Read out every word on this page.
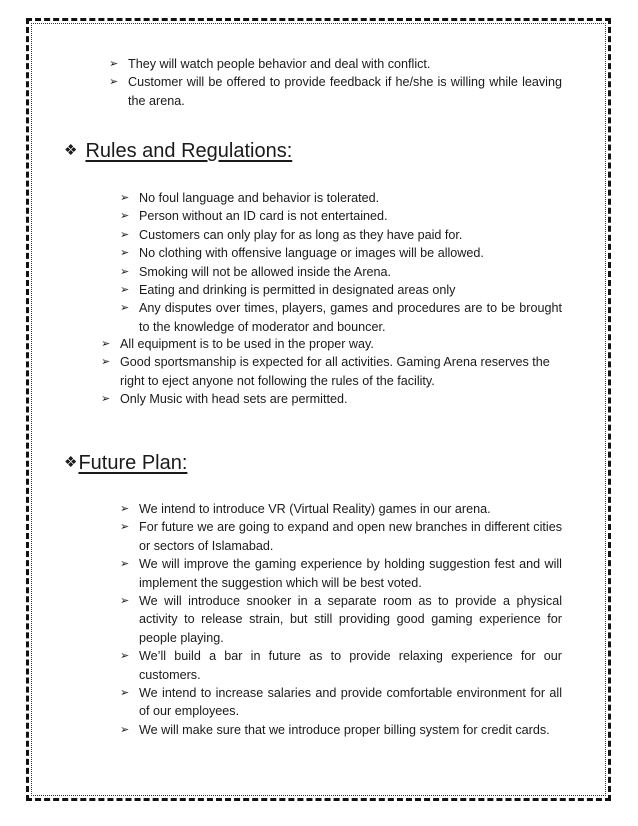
➢ They will watch people behavior and deal with conflict.
➢ Customer will be offered to provide feedback if he/she is willing while leaving the arena.
❖ Rules and Regulations:
➢ No foul language and behavior is tolerated.
➢ Person without an ID card is not entertained.
➢ Customers can only play for as long as they have paid for.
➢ No clothing with offensive language or images will be allowed.
➢ Smoking will not be allowed inside the Arena.
➢ Eating and drinking is permitted in designated areas only
➢ Any disputes over times, players, games and procedures are to be brought to the knowledge of moderator and bouncer.
➢ All equipment is to be used in the proper way.
➢ Good sportsmanship is expected for all activities. Gaming Arena reserves the right to eject anyone not following the rules of the facility.
➢ Only Music with head sets are permitted.
❖ Future Plan:
➢ We intend to introduce VR (Virtual Reality) games in our arena.
➢ For future we are going to expand and open new branches in different cities or sectors of Islamabad.
➢ We will improve the gaming experience by holding suggestion fest and will implement the suggestion which will be best voted.
➢ We will introduce snooker in a separate room as to provide a physical activity to release strain, but still providing good gaming experience for people playing.
➢ We’ll build a bar in future as to provide relaxing experience for our customers.
➢ We intend to increase salaries and provide comfortable environment for all of our employees.
➢ We will make sure that we introduce proper billing system for credit cards.
